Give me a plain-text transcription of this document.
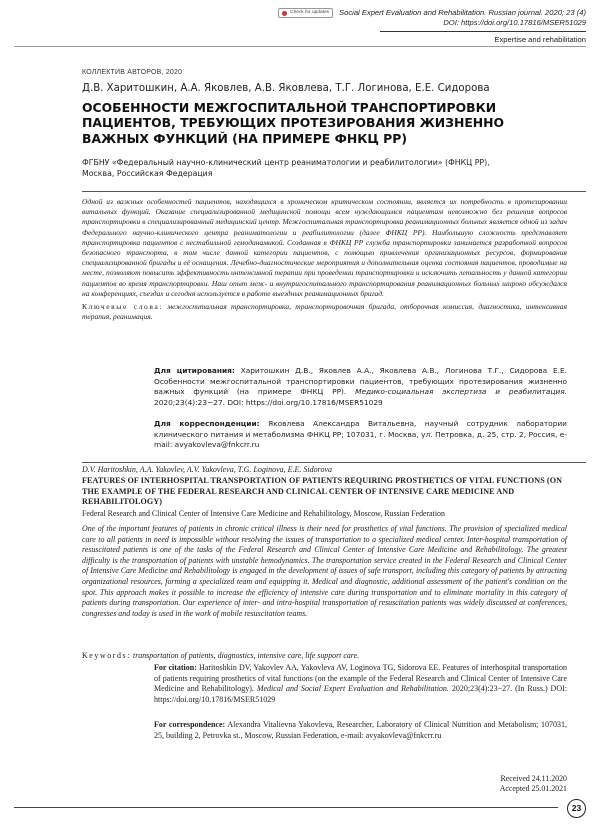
Check for updates Social Expert Evaluation and Rehabilitation. Russian journal. 2020; 23 (4)
DOI: https://doi.org/10.17816/MSER51029
Expertise and rehabilitation
КОЛЛЕКТИВ АВТОРОВ, 2020
Д.В. Харитошкин, А.А. Яковлев, А.В. Яковлева, Т.Г. Логинова, Е.Е. Сидорова
ОСОБЕННОСТИ МЕЖГОСПИТАЛЬНОЙ ТРАНСПОРТИРОВКИ ПАЦИЕНТОВ, ТРЕБУЮЩИХ ПРОТЕЗИРОВАНИЯ ЖИЗНЕННО ВАЖНЫХ ФУНКЦИЙ (НА ПРИМЕРЕ ФНКЦ РР)
ФГБНУ «Федеральный научно-клинический центр реаниматологии и реабилитологии» (ФНКЦ РР),
Москва, Российская Федерация
Одной из важных особенностей пациентов, находящихся в хроническом критическом состоянии, является их потребность в протезировании витальных функций. Оказание специализированной медицинской помощи всем нуждающимся пациентам невозможно без решения вопросов транспортировки в специализированный медицинский центр. Межгоспитальная транспортировка реанимационных больных является одной из задач Федерального научно-клинического центра реаниматологии и реабилитологии (далее ФНКЦ РР). Наибольшую сложность представляет транспортировка пациентов с нестабильной гемодинамикой. Созданная в ФНКЦ РР служба транспортировки занимается разработкой вопросов безопасного транспорта, в том числе данной категории пациентов, с помощью привлечения организационных ресурсов, формирования специализированной бригады и её оснащения. Лечебно-диагностические мероприятия и дополнительная оценка состояния пациентов, проводимые на месте, позволяют повысить эффективность интенсивной терапии при проведении транспортировки и исключить летальность у данной категории пациентов во время транспортировки. Наш опыт меж- и внутригоспитального транспортирования реанимационных больных широко обсуждался на конференциях, съездах и сегодня используется в работе выездных реанимационных бригад.
Ключевые слова: межгоспитальная транспортировка, транспортировочная бригада, отборочная комиссия, диагностика, интенсивная терапия, реанимация.
Для цитирования: Харитошкин Д.В., Яковлев А.А., Яковлева А.В., Логинова Т.Г., Сидорова Е.Е. Особенности межгоспитальной транспортировки пациентов, требующих протезирования жизненно важных функций (на примере ФНКЦ РР). Медико-социальная экспертиза и реабилитация. 2020;23(4):23−27. DOI: https://doi.org/10.17816/MSER51029
Для корреспонденции: Яковлева Александра Витальевна, научный сотрудник лаборатории клинического питания и метаболизма ФНКЦ РР; 107031, г. Москва, ул. Петровка, д. 25, стр. 2, Россия, e-mail: avyakovleva@fnkcrr.ru
D.V. Haritoshkin, A.A. Yakovlev, A.V. Yakovleva, T.G. Loginova, E.E. Sidorova
FEATURES OF INTERHOSPITAL TRANSPORTATION OF PATIENTS REQUIRING PROSTHETICS OF VITAL FUNCTIONS (ON THE EXAMPLE OF THE FEDERAL RESEARCH AND CLINICAL CENTER OF INTENSIVE CARE MEDICINE AND REHABILITOLOGY)
Federal Research and Clinical Center of Intensive Care Medicine and Rehabilitology, Moscow, Russian Federation
One of the important features of patients in chronic critical illness is their need for prosthetics of vital functions. The provision of specialized medical care to all patients in need is impossible without resolving the issues of transportation to a specialized medical center. Inter-hospital transportation of resuscitated patients is one of the tasks of the Federal Research and Clinical Center of Intensive Care Medicine and Rehabilitology. The greatest difficulty is the transportation of patients with unstable hemodynamics. The transportation service created in the Federal Research and Clinical Center of Intensive Care Medicine and Rehabilitology is engaged in the development of issues of safe transport, including this category of patients by attracting organizational resources, forming a specialized team and equipping it. Medical and diagnostic, additional assessment of the patient's condition on the spot. This approach makes it possible to increase the efficiency of intensive care during transportation and to eliminate mortality in this category of patients during transportation. Our experience of inter- and intra-hospital transportation of resuscitation patients was widely discussed at conferences, congresses and today is used in the work of mobile resuscitation teams.
Keywords: transportation of patients, diagnostics, intensive care, life support care.
For citation: Haritoshkin DV, Yakovlev AA, Yakovleva AV, Loginova TG, Sidorova EE. Features of interhospital transportation of patients requiring prosthetics of vital functions (on the example of the Federal Research and Clinical Center of Intensive Care Medicine and Rehabilitology). Medical and Social Expert Evaluation and Rehabilitation. 2020;23(4):23−27. (In Russ.) DOI: https://doi.org/10.17816/MSER51029
For correspondence: Alexandra Vitalievna Yakovleva, Researcher, Laboratory of Clinical Nutrition and Metabolism; 107031, 25, building 2, Petrovka st., Moscow, Russian Federation, e-mail: avyakovleva@fnkcrr.ru
Received 24.11.2020
Accepted 25.01.2021
23
